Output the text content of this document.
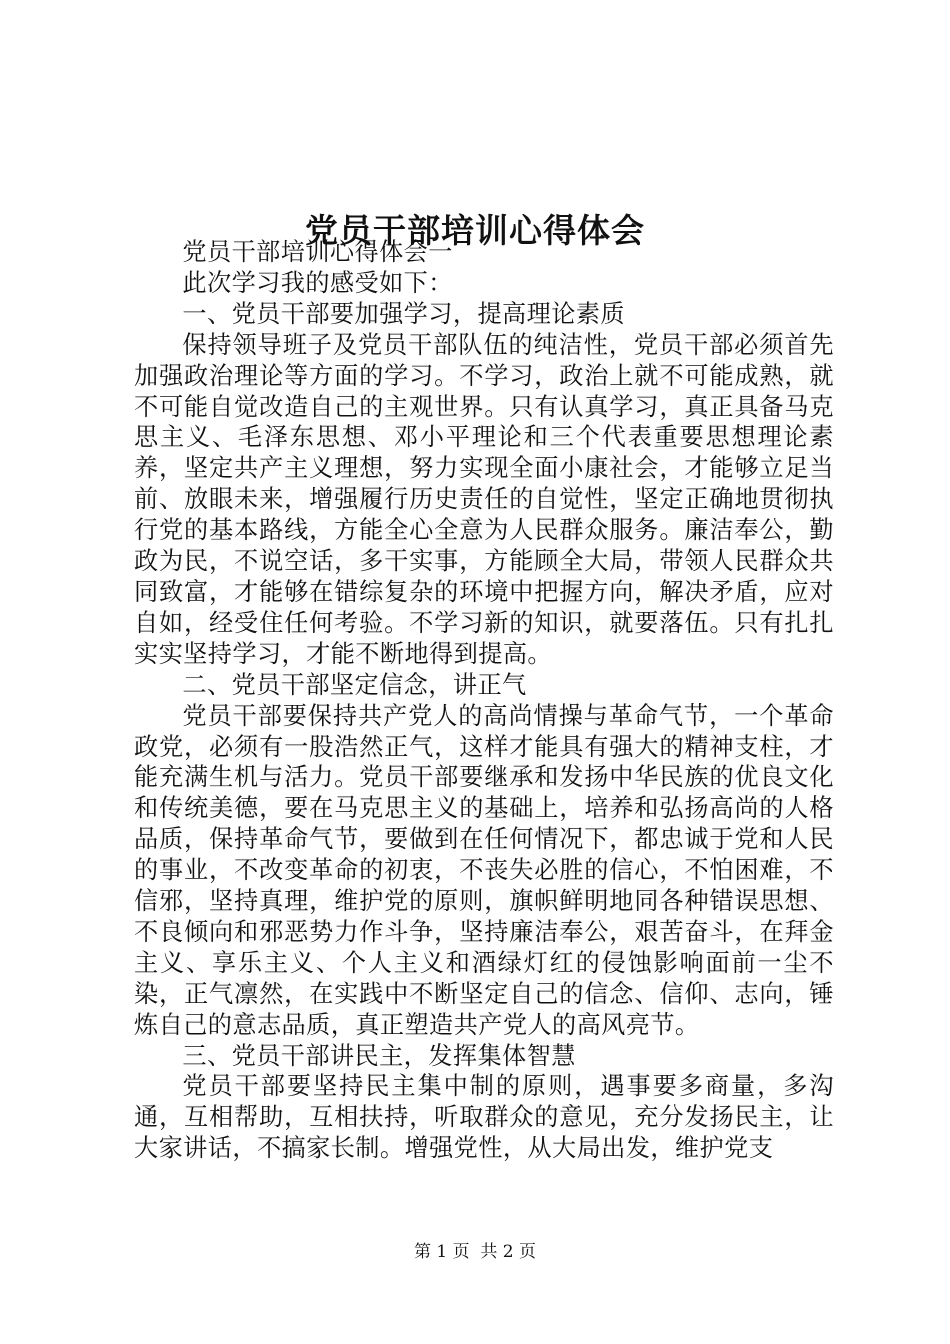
党员干部培训心得体会

党员干部培训心得体会一

此次学习我的感受如下：

一、党员干部要加强学习，提高理论素质

保持领导班子及党员干部队伍的纯洁性，党员干部必须首先加强政治理论等方面的学习。不学习，政治上就不可能成熟，就不可能自觉改造自己的主观世界。只有认真学习，真正具备马克思主义、毛泽东思想、邓小平理论和三个代表重要思想理论素养，坚定共产主义理想，努力实现全面小康社会，才能够立足当前、放眼未来，增强履行历史责任的自觉性，坚定正确地贯彻执行党的基本路线，方能全心全意为人民群众服务。廉洁奉公，勤政为民，不说空话，多干实事，方能顾全大局，带领人民群众共同致富，才能够在错综复杂的环境中把握方向，解决矛盾，应对自如，经受住任何考验。不学习新的知识，就要落伍。只有扎扎实实坚持学习，才能不断地得到提高。

二、党员干部坚定信念，讲正气

党员干部要保持共产党人的高尚情操与革命气节，一个革命政党，必须有一股浩然正气，这样才能具有强大的精神支柱，才能充满生机与活力。党员干部要继承和发扬中华民族的优良文化和传统美德，要在马克思主义的基础上，培养和弘扬高尚的人格品质，保持革命气节，要做到在任何情况下，都忠诚于党和人民的事业，不改变革命的初衷，不丧失必胜的信心，不怕困难，不信邪，坚持真理，维护党的原则，旗帜鲜明地同各种错误思想、不良倾向和邪恶势力作斗争，坚持廉洁奉公，艰苦奋斗，在拜金主义、享乐主义、个人主义和酒绿灯红的侵蚀影响面前一尘不染，正气凛然，在实践中不断坚定自己的信念、信仰、志向，锤炼自己的意志品质，真正塑造共产党人的高风亮节。

三、党员干部讲民主，发挥集体智慧

党员干部要坚持民主集中制的原则，遇事要多商量，多沟通，互相帮助，互相扶持，听取群众的意见，充分发扬民主，让大家讲话，不搞家长制。增强党性，从大局出发，维护党支

第 1 页 共 2 页
